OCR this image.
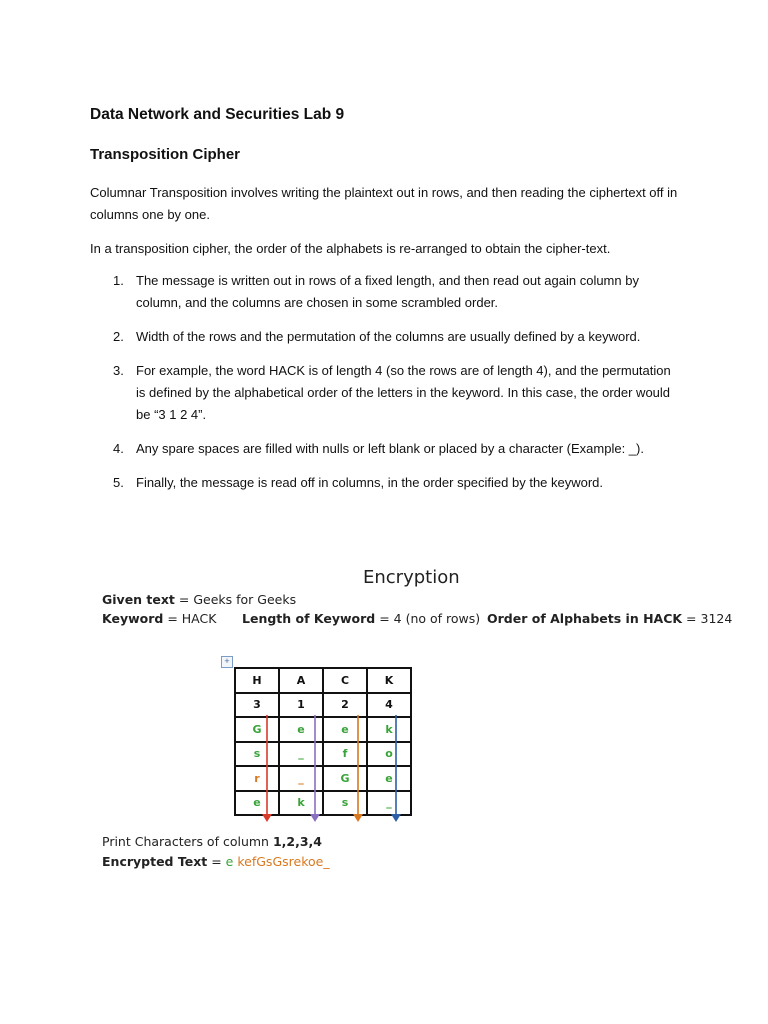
Data Network and Securities Lab 9
Transposition Cipher
Columnar Transposition involves writing the plaintext out in rows, and then reading the ciphertext off in columns one by one.
In a transposition cipher, the order of the alphabets is re-arranged to obtain the cipher-text.
1. The message is written out in rows of a fixed length, and then read out again column by column, and the columns are chosen in some scrambled order.
2. Width of the rows and the permutation of the columns are usually defined by a keyword.
3. For example, the word HACK is of length 4 (so the rows are of length 4), and the permutation is defined by the alphabetical order of the letters in the keyword. In this case, the order would be “3 1 2 4”.
4. Any spare spaces are filled with nulls or left blank or placed by a character (Example: _).
5. Finally, the message is read off in columns, in the order specified by the keyword.
Encryption
Given text = Geeks for Geeks
Keyword = HACK Length of Keyword = 4 (no of rows) Order of Alphabets in HACK = 3124
+
H	A	C	K
3	1	2	4
G	e	e	k
s	_	f	o
r	_	G	e
e	k	s	_
Print Characters of column 1,2,3,4
Encrypted Text = e kefGsGsrekoe_
